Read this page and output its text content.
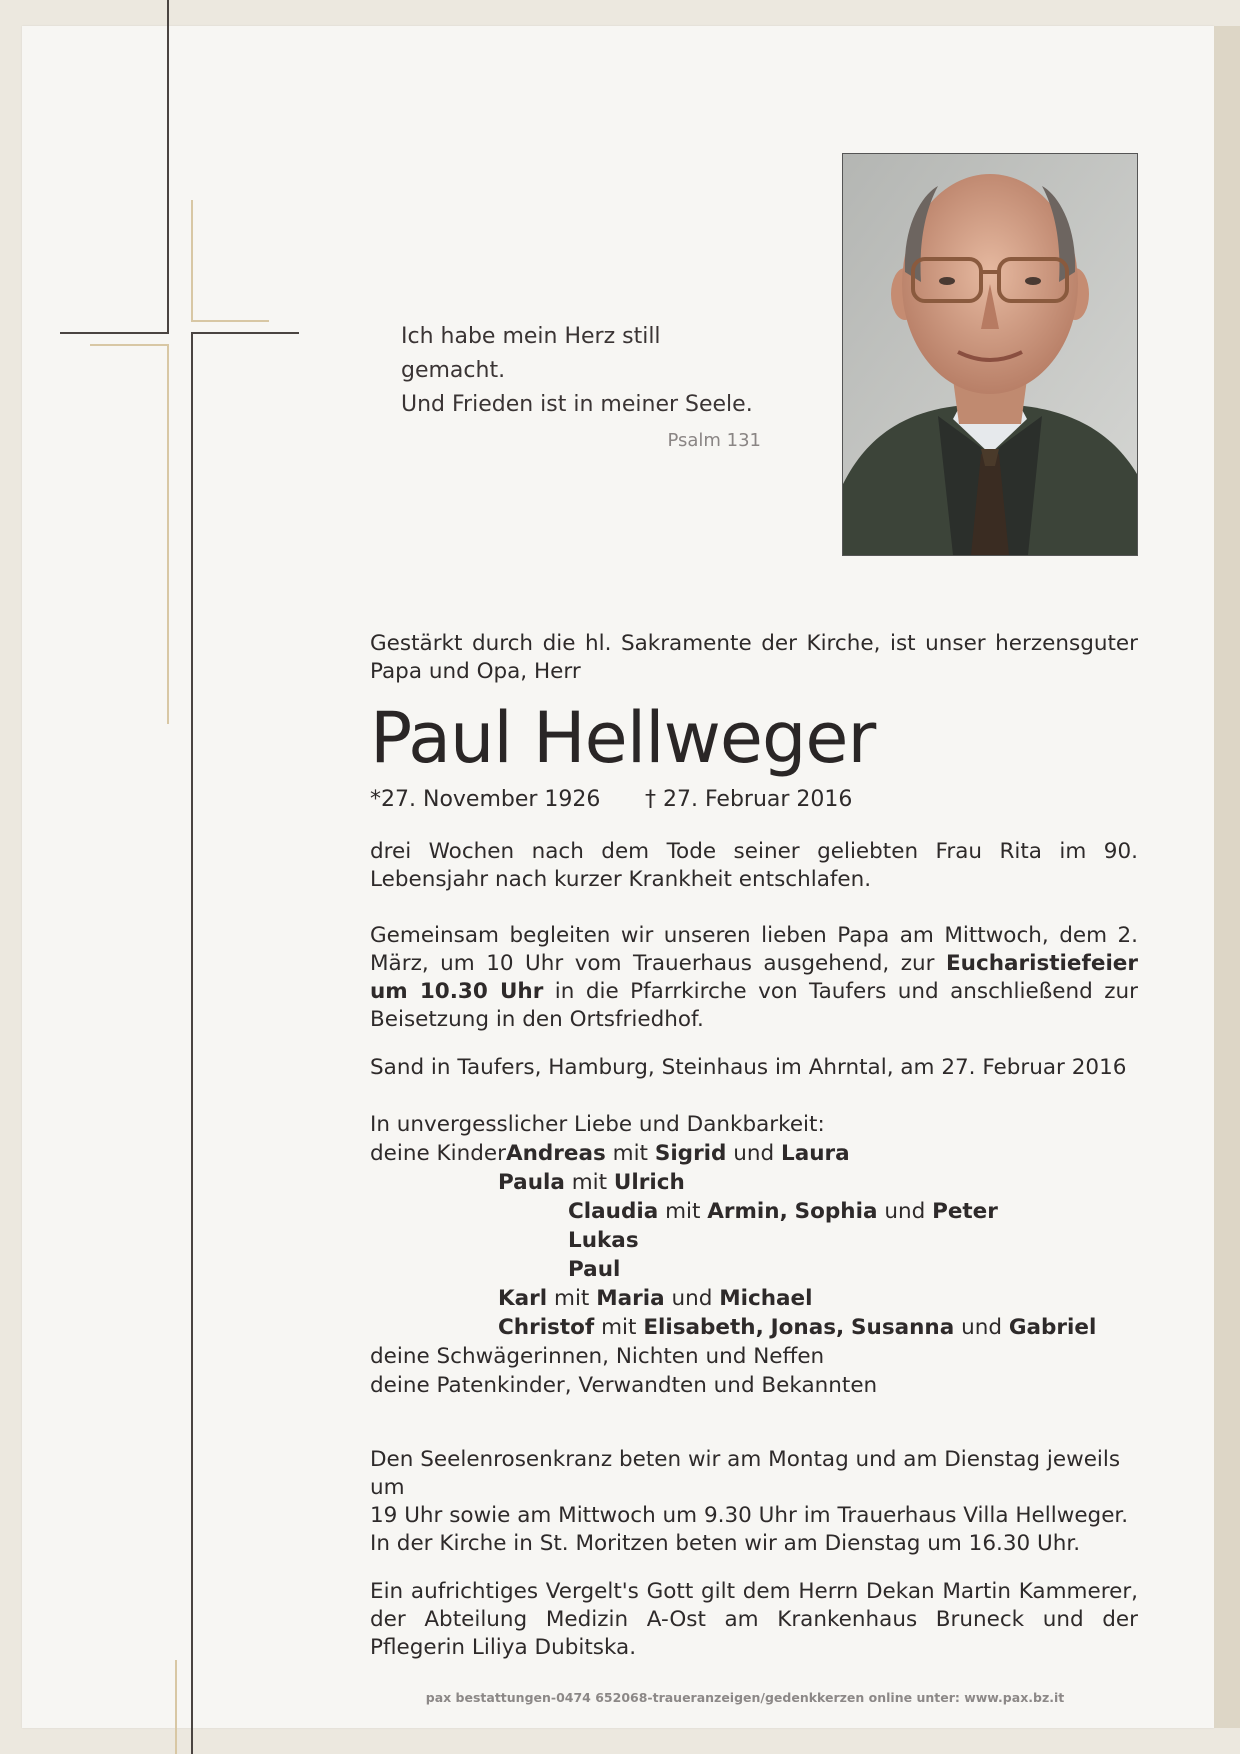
Ich habe mein Herz still gemacht.

Und Frieden ist in meiner Seele.

Psalm 131

Gestärkt durch die hl. Sakramente der Kirche, ist unser herzensguter Papa und Opa, Herr

Paul Hellweger
*27. November 1926 † 27. Februar 2016

drei Wochen nach dem Tode seiner geliebten Frau Rita im 90. Lebensjahr nach kurzer Krankheit entschlafen.

Gemeinsam begleiten wir unseren lieben Papa am Mittwoch, dem 2. März, um 10 Uhr vom Trauerhaus ausgehend, zur Eucharistiefeier um 10.30 Uhr in die Pfarrkirche von Taufers und anschließend zur Beisetzung in den Ortsfriedhof.

Sand in Taufers, Hamburg, Steinhaus im Ahrntal, am 27. Februar 2016

In unvergesslicher Liebe und Dankbarkeit:

deine KinderAndreas mit Sigrid und Laura

Paula mit Ulrich

Claudia mit Armin, Sophia und Peter

Lukas

Paul

Karl mit Maria und Michael

Christof mit Elisabeth, Jonas, Susanna und Gabriel

deine Schwägerinnen, Nichten und Neffen

deine Patenkinder, Verwandten und Bekannten

Den Seelenrosenkranz beten wir am Montag und am Dienstag jeweils um

19 Uhr sowie am Mittwoch um 9.30 Uhr im Trauerhaus Villa Hellweger.

In der Kirche in St. Moritzen beten wir am Dienstag um 16.30 Uhr.

Ein aufrichtiges Vergelt's Gott gilt dem Herrn Dekan Martin Kammerer, der Abteilung Medizin A-Ost am Krankenhaus Bruneck und der Pflegerin Liliya Dubitska.

pax bestattungen-0474 652068-traueranzeigen/gedenkkerzen online unter: www.pax.bz.it
